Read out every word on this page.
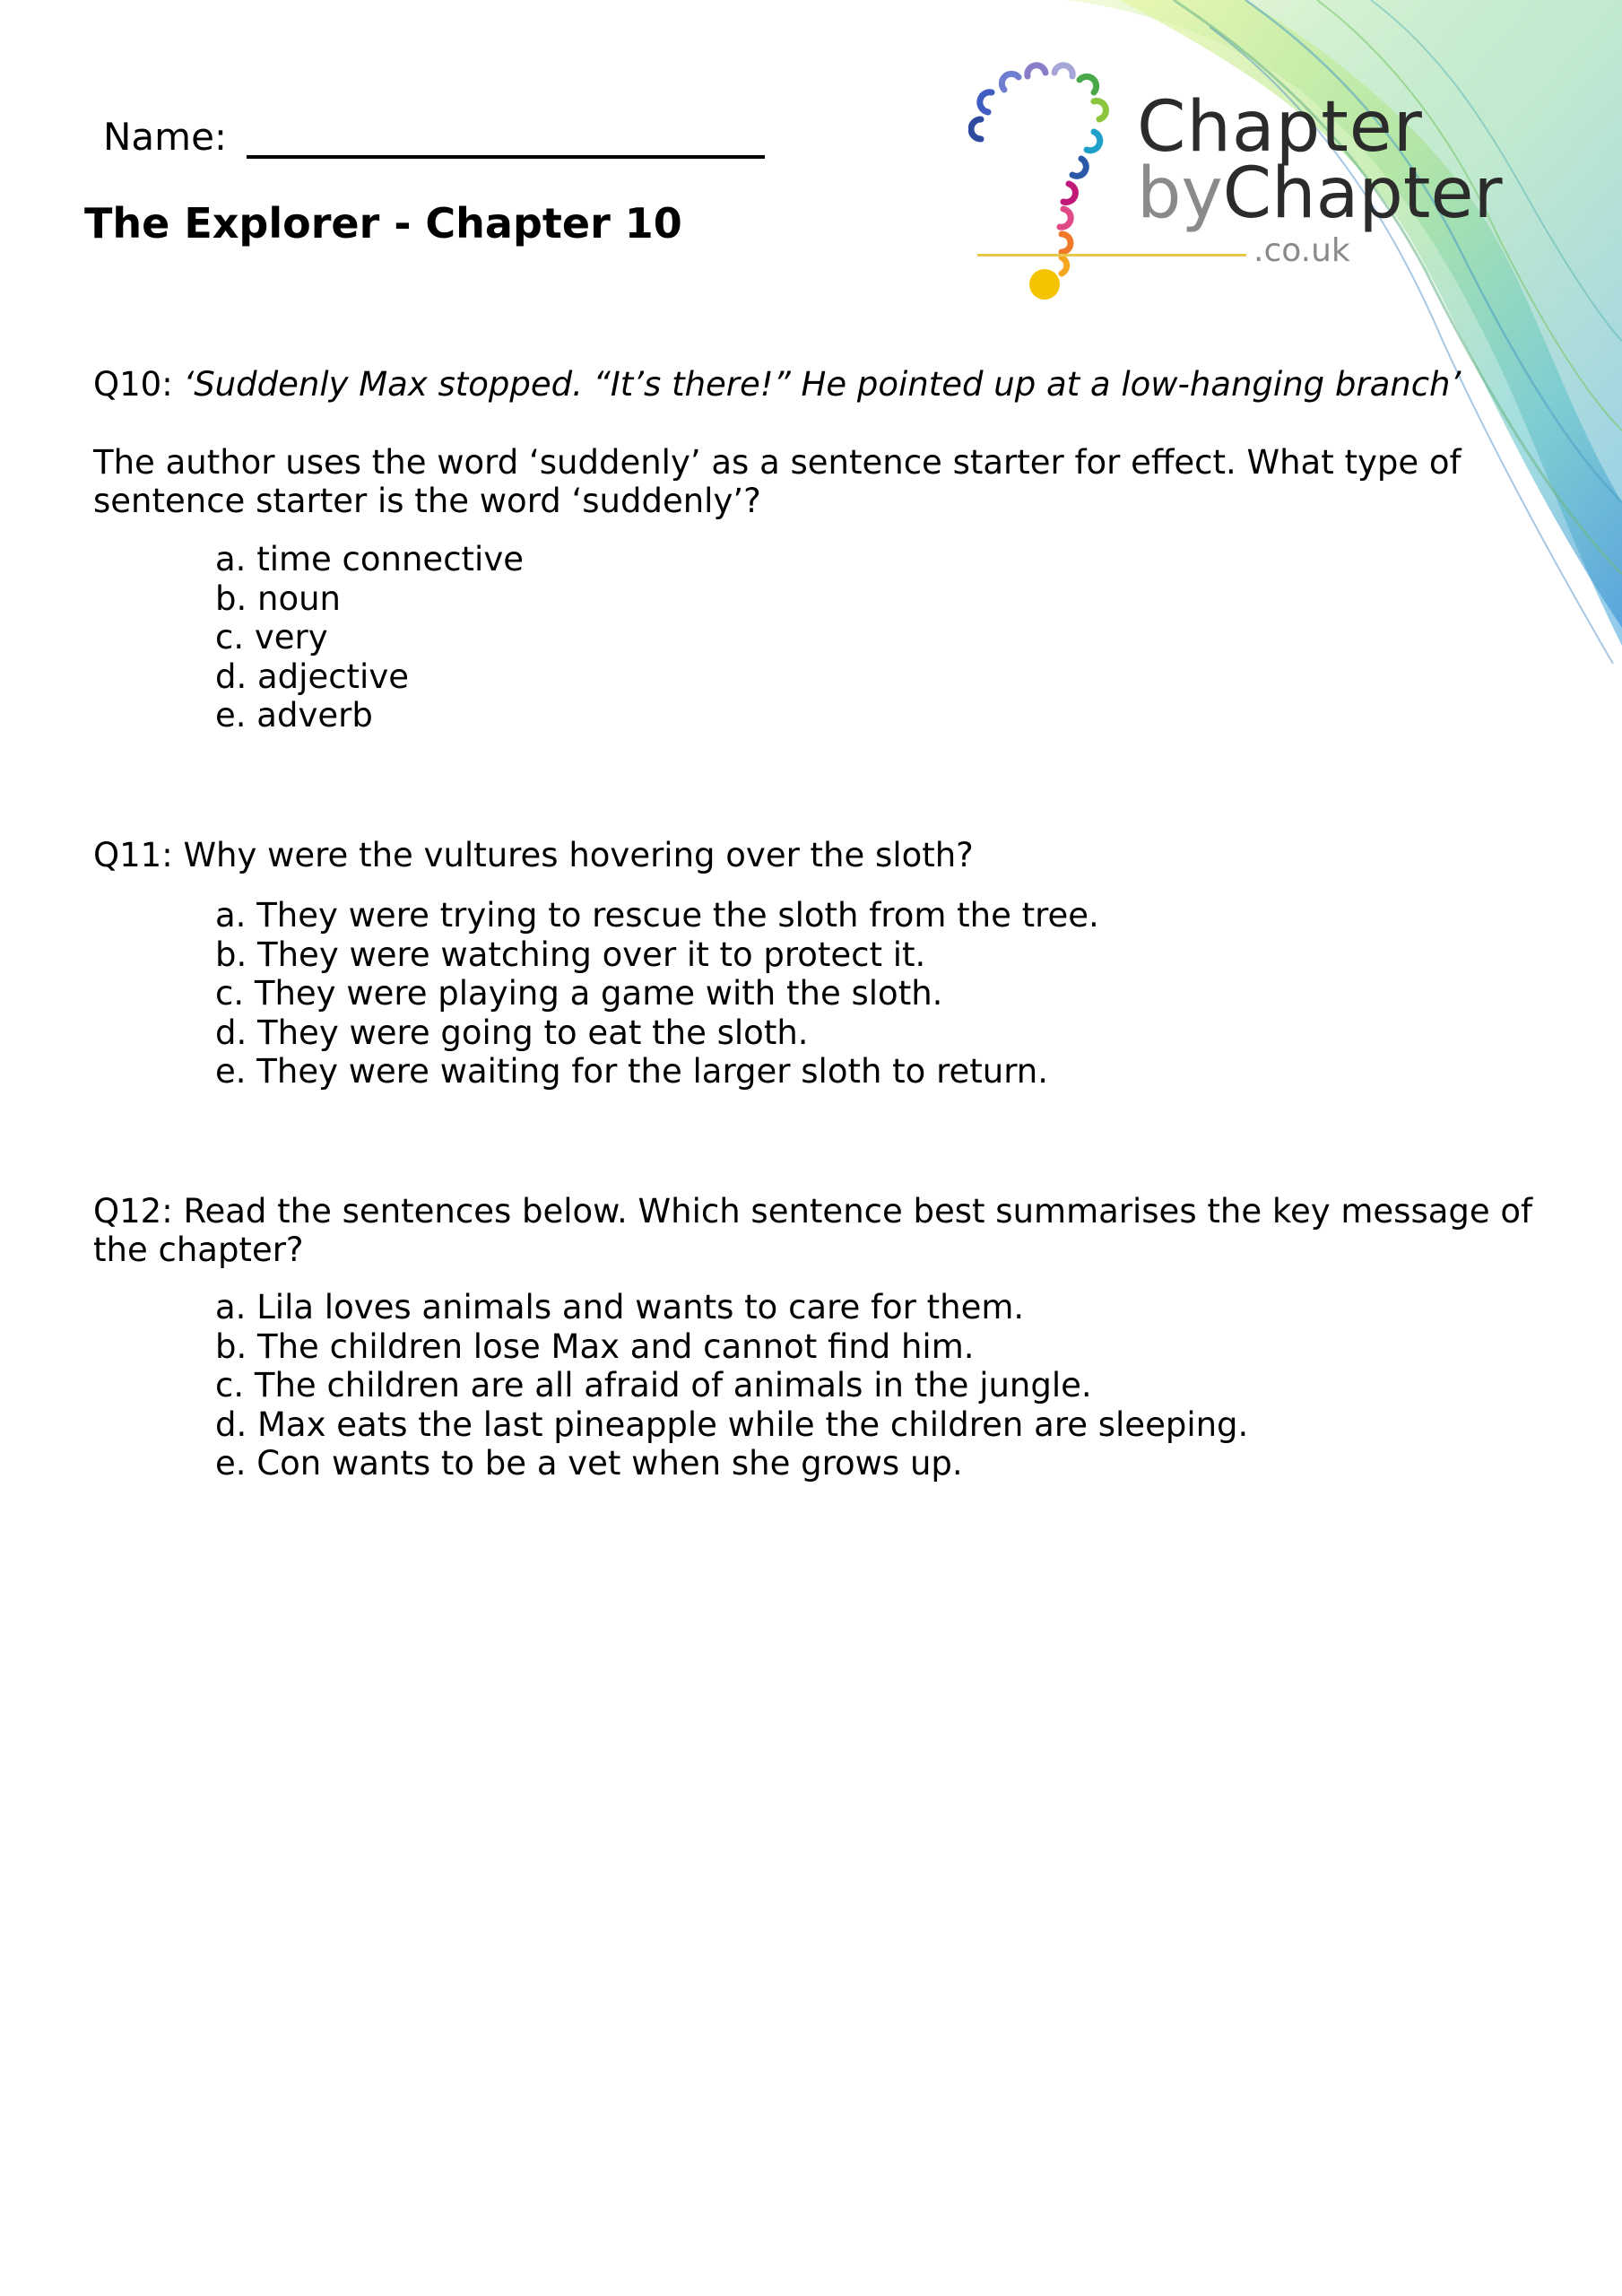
Name:
The Explorer - Chapter 10
Chapter
byChapter
.co.uk
Q10: ‘Suddenly Max stopped. “It’s there!” He pointed up at a low-hanging branch’
The author uses the word ‘suddenly’ as a sentence starter for effect. What type of
sentence starter is the word ‘suddenly’?
a. time connective
b. noun
c. very
d. adjective
e. adverb
Q11: Why were the vultures hovering over the sloth?
a. They were trying to rescue the sloth from the tree.
b. They were watching over it to protect it.
c. They were playing a game with the sloth.
d. They were going to eat the sloth.
e. They were waiting for the larger sloth to return.
Q12: Read the sentences below. Which sentence best summarises the key message of
the chapter?
a. Lila loves animals and wants to care for them.
b. The children lose Max and cannot find him.
c. The children are all afraid of animals in the jungle.
d. Max eats the last pineapple while the children are sleeping.
e. Con wants to be a vet when she grows up.
